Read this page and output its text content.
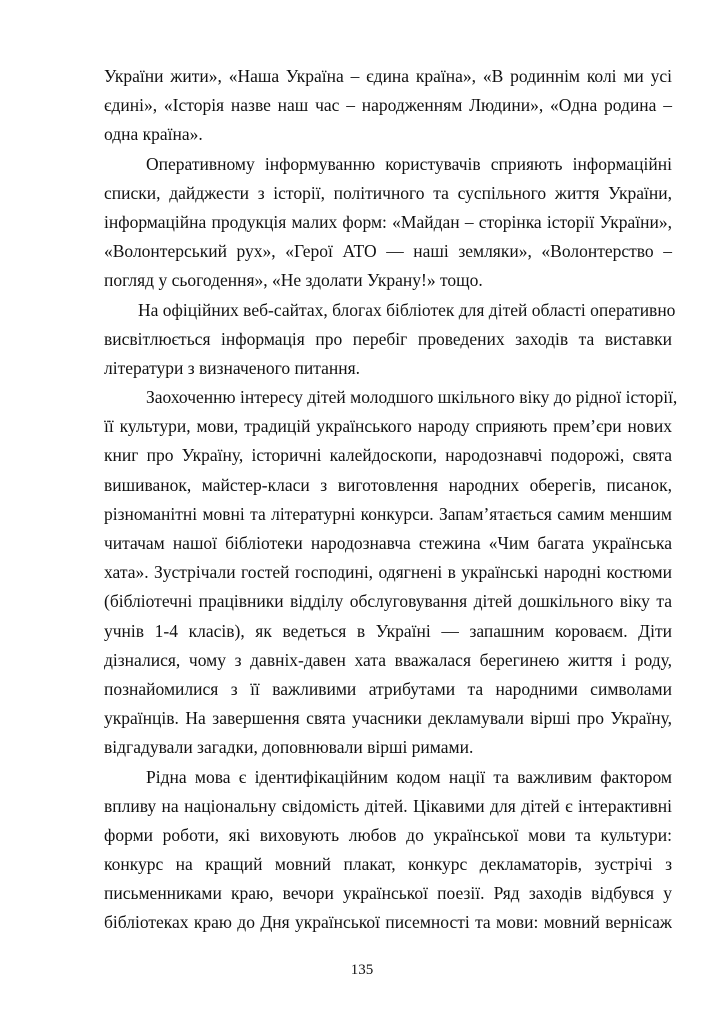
України жити», «Наша Україна – єдина країна», «В родиннім колі ми усі
єдині», «Історія назве наш час – народженням Людини», «Одна родина –
одна країна».
Оперативному інформуванню користувачів сприяють інформаційні
списки, дайджести з історії, політичного та суспільного життя України,
інформаційна продукція малих форм: «Майдан – сторінка історії України»,
«Волонтерський рух», «Герої АТО — наші земляки», «Волонтерство –
погляд у сьогодення», «Не здолати Украну!» тощо.
На офіційних веб-сайтах, блогах бібліотек для дітей області оперативно
висвітлюється інформація про перебіг проведених заходів та виставки
літератури з визначеного питання.
Заохоченню інтересу дітей молодшого шкільного віку до рідної історії,
її культури, мови, традицій українського народу сприяють прем’єри нових
книг про Україну, історичні калейдоскопи, народознавчі подорожі, свята
вишиванок, майстер-класи з виготовлення народних оберегів, писанок,
різноманітні мовні та літературні конкурси. Запам’ятається самим меншим
читачам нашої бібліотеки народознавча стежина «Чим багата українська
хата». Зустрічали гостей господині, одягнені в українські народні костюми
(бібліотечні працівники відділу обслуговування дітей дошкільного віку та
учнів 1-4 класів), як ведеться в Україні — запашним короваєм. Діти
дізналися, чому з давніх-давен хата вважалася берегинею життя і роду,
познайомилися з її важливими атрибутами та народними символами
українців. На завершення свята учасники декламували вірші про Україну,
відгадували загадки, доповнювали вірші римами.
Рідна мова є ідентифікаційним кодом нації та важливим фактором
впливу на національну свідомість дітей. Цікавими для дітей є інтерактивні
форми роботи, які виховують любов до української мови та культури:
конкурс на кращий мовний плакат, конкурс декламаторів, зустрічі з
письменниками краю, вечори української поезії. Ряд заходів відбувся у
бібліотеках краю до Дня української писемності та мови: мовний вернісаж
135
